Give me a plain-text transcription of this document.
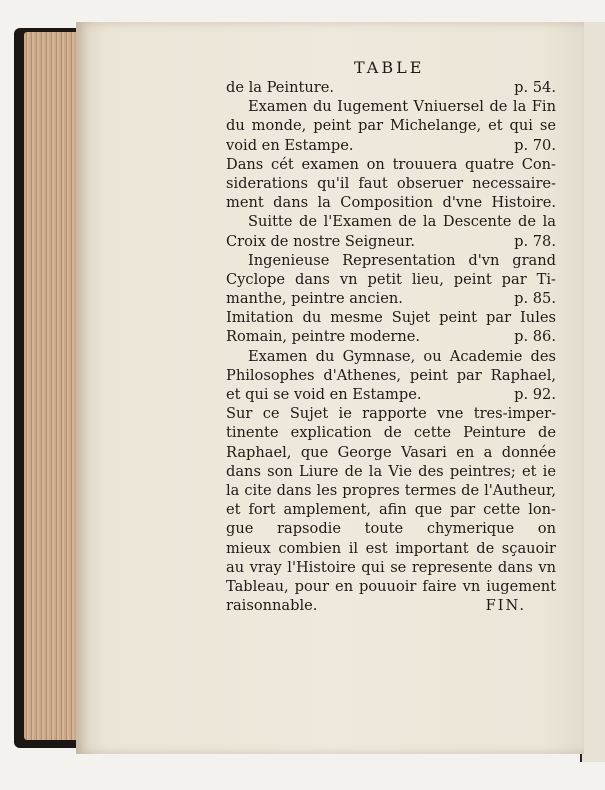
TABLE
de la Peinture.	p. 54.
Examen du Iugement Vniuersel de la Fin
du monde, peint par Michelange, et qui se
void en Estampe.	p. 70.
Dans cét examen on trouuera quatre Con-
siderations qu'il faut obseruer necessaire-
ment dans la Composition d'vne Histoire.
Suitte de l'Examen de la Descente de la
Croix de nostre Seigneur.	p. 78.
Ingenieuse Representation d'vn grand
Cyclope dans vn petit lieu, peint par Ti-
manthe, peintre ancien.	p. 85.
Imitation du mesme Sujet peint par Iules
Romain, peintre moderne.	p. 86.
Examen du Gymnase, ou Academie des
Philosophes d'Athenes, peint par Raphael,
et qui se void en Estampe.	p. 92.
Sur ce Sujet ie rapporte vne tres-imper-
tinente explication de cette Peinture de
Raphael, que George Vasari en a donnée
dans son Liure de la Vie des peintres; et ie
la cite dans les propres termes de l'Autheur,
et fort amplement, afin que par cette lon-
gue rapsodie toute chymerique on
mieux combien il est important de sçauoir
au vray l'Histoire qui se represente dans vn
Tableau, pour en pouuoir faire vn iugement
raisonnable.	FIN.
